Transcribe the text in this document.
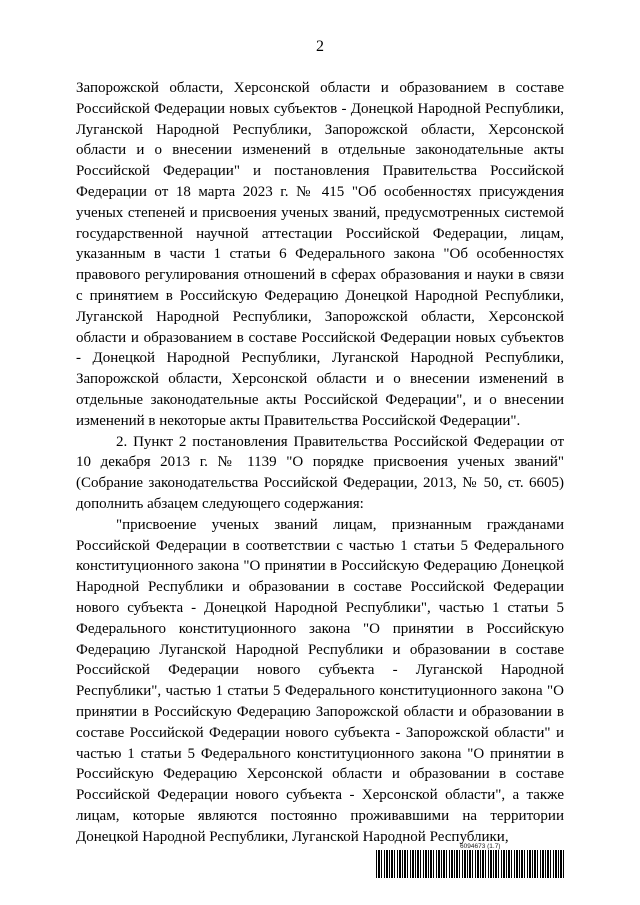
2

Запорожской области, Херсонской области и образованием в составе Российской Федерации новых субъектов - Донецкой Народной Республики, Луганской Народной Республики, Запорожской области, Херсонской области и о внесении изменений в отдельные законодательные акты Российской Федерации" и постановления Правительства Российской Федерации от 18 марта 2023 г. № 415 "Об особенностях присуждения ученых степеней и присвоения ученых званий, предусмотренных системой государственной научной аттестации Российской Федерации, лицам, указанным в части 1 статьи 6 Федерального закона "Об особенностях правового регулирования отношений в сферах образования и науки в связи с принятием в Российскую Федерацию Донецкой Народной Республики, Луганской Народной Республики, Запорожской области, Херсонской области и образованием в составе Российской Федерации новых субъектов - Донецкой Народной Республики, Луганской Народной Республики, Запорожской области, Херсонской области и о внесении изменений в отдельные законодательные акты Российской Федерации", и о внесении изменений в некоторые акты Правительства Российской Федерации".

2. Пункт 2 постановления Правительства Российской Федерации от 10 декабря 2013 г. № 1139 "О порядке присвоения ученых званий" (Собрание законодательства Российской Федерации, 2013, № 50, ст. 6605) дополнить абзацем следующего содержания:

"присвоение ученых званий лицам, признанным гражданами Российской Федерации в соответствии с частью 1 статьи 5 Федерального конституционного закона "О принятии в Российскую Федерацию Донецкой Народной Республики и образовании в составе Российской Федерации нового субъекта - Донецкой Народной Республики", частью 1 статьи 5 Федерального конституционного закона "О принятии в Российскую Федерацию Луганской Народной Республики и образовании в составе Российской Федерации нового субъекта - Луганской Народной Республики", частью 1 статьи 5 Федерального конституционного закона "О принятии в Российскую Федерацию Запорожской области и образовании в составе Российской Федерации нового субъекта - Запорожской области" и частью 1 статьи 5 Федерального конституционного закона "О принятии в Российскую Федерацию Херсонской области и образовании в составе Российской Федерации нового субъекта - Херсонской области", а также лицам, которые являются постоянно проживавшими на территории Донецкой Народной Республики, Луганской Народной Республики,

6094673 (1.7)
